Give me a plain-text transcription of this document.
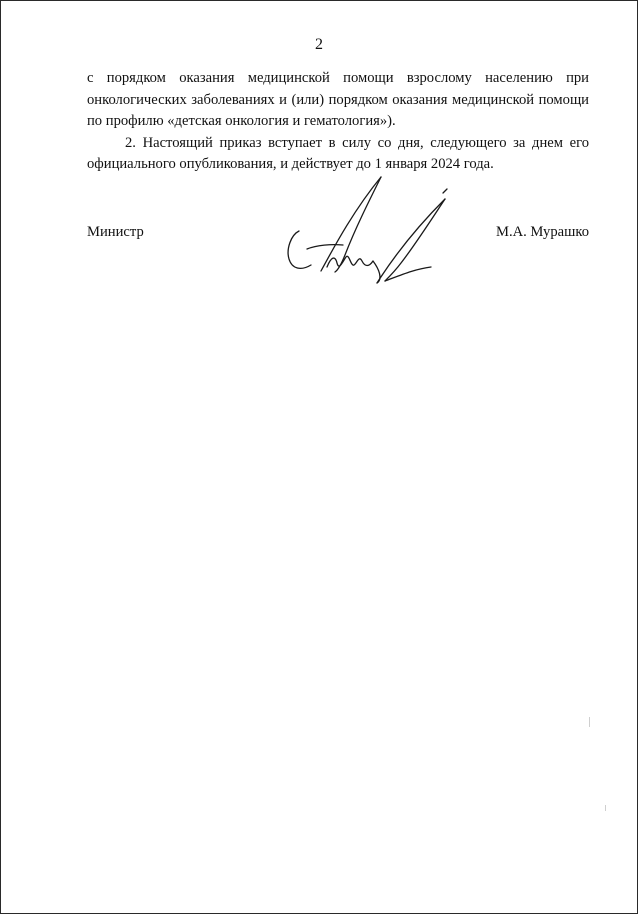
2

с порядком оказания медицинской помощи взрослому населению при онкологических заболеваниях и (или) порядком оказания медицинской помощи по профилю «детская онкология и гематология»).

2. Настоящий приказ вступает в силу со дня, следующего за днем его официального опубликования, и действует до 1 января 2024 года.

Министр	М.А. Мурашко
